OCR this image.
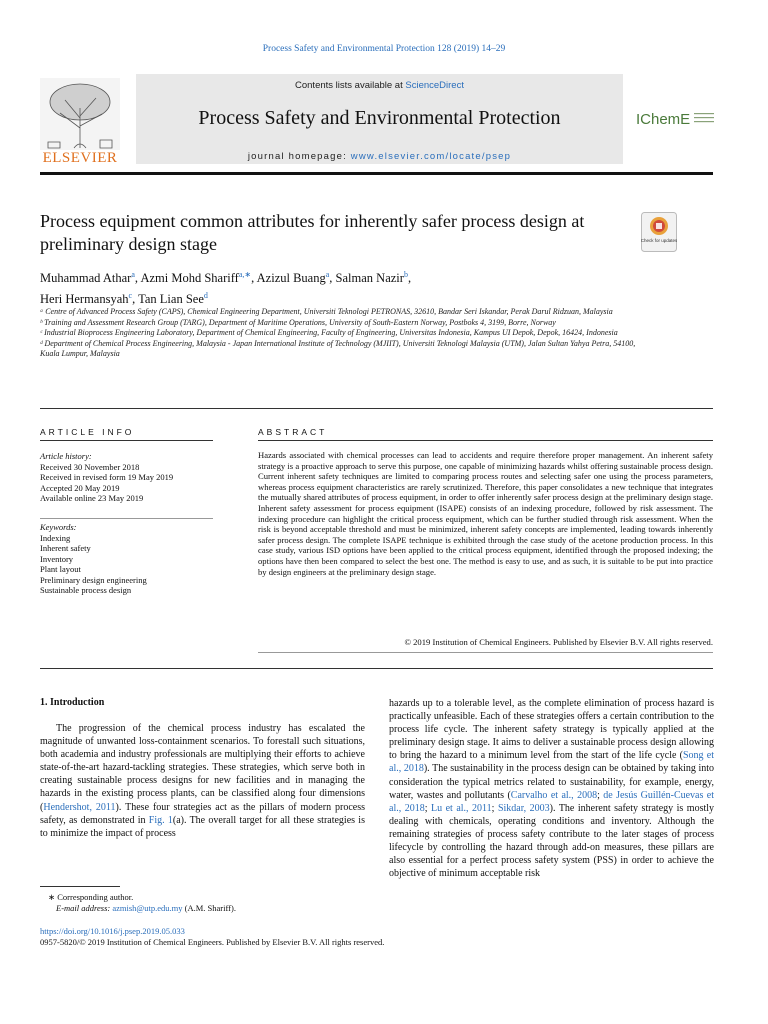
Process Safety and Environmental Protection 128 (2019) 14–29
ELSEVIER
Contents lists available at ScienceDirect
Process Safety and Environmental Protection
journal homepage: www.elsevier.com/locate/psep
IChemE
Process equipment common attributes for inherently safer process design at preliminary design stage	Check for updates
Muhammad Athar$^a$, Azmi Mohd Shariff$^{a,∗}$, Azizul Buang$^a$, Salman Nazir$^b$,
Heri Hermansyah$^c$, Tan Lian See$^d$

ᵃ Centre of Advanced Process Safety (CAPS), Chemical Engineering Department, Universiti Teknologi PETRONAS, 32610, Bandar Seri Iskandar, Perak Darul Ridzuan, Malaysia

ᵇ Training and Assessment Research Group (TARG), Department of Maritime Operations, University of South-Eastern Norway, Postboks 4, 3199, Borre, Norway

ᶜ Industrial Bioprocess Engineering Laboratory, Department of Chemical Engineering, Faculty of Engineering, Universitas Indonesia, Kampus UI Depok, Depok, 16424, Indonesia

ᵈ Department of Chemical Process Engineering, Malaysia - Japan International Institute of Technology (MJIIT), Universiti Teknologi Malaysia (UTM), Jalan Sultan Yahya Petra, 54100, Kuala Lumpur, Malaysia

ARTICLE INFO	ABSTRACT
Article history:
Received 30 November 2018
Received in revised form 19 May 2019
Accepted 20 May 2019
Available online 23 May 2019
Keywords:
Indexing
Inherent safety
Inventory
Plant layout
Preliminary design engineering
Sustainable process design
Hazards associated with chemical processes can lead to accidents and require therefore proper management. An inherent safety strategy is a proactive approach to serve this purpose, one capable of minimizing hazards whilst offering sustainable process design. Current inherent safety techniques are limited to comparing process routes and selecting safer one using the process parameters, whereas process equipment characteristics are rarely scrutinized. Therefore, this paper consolidates a new technique that integrates the mutually shared attributes of process equipment, in order to offer inherently safer process design at the preliminary design stage. Inherent safety assessment for process equipment (ISAPE) consists of an indexing procedure, followed by risk assessment. The indexing procedure can highlight the critical process equipment, which can be further studied through risk assessment. When the risk is beyond acceptable threshold and must be minimized, inherent safety concepts are implemented, leading towards inherently safer process design. The complete ISAPE technique is exhibited through the case study of the acetone production process. In this case study, various ISD options have been applied to the critical process equipment, identified through the proposed indexing; the options have then been compared to select the best one. The method is easy to use, and as such, it is suitable to be put into practice by design engineers at the preliminary design stage.
© 2019 Institution of Chemical Engineers. Published by Elsevier B.V. All rights reserved.
1. Introduction
The progression of the chemical process industry has escalated the magnitude of unwanted loss-containment scenarios. To forestall such situations, both academia and industry professionals are multiplying their efforts to achieve state-of-the-art hazard-tackling strategies. These strategies, which serve both in creating sustainable process designs for new facilities and in managing the hazards in the existing process plants, can be classified along four dimensions (Hendershot, 2011). These four strategies act as the pillars of modern process safety, as demonstrated in Fig. 1(a). The overall target for all these strategies is to minimize the impact of process
hazards up to a tolerable level, as the complete elimination of process hazard is practically unfeasible. Each of these strategies offers a certain contribution to the process life cycle. The inherent safety strategy is typically applied at the preliminary design stage. It aims to deliver a sustainable process design allowing to bring the hazard to a minimum level from the start of the life cycle (Song et al., 2018). The sustainability in the process design can be obtained by taking into consideration the typical metrics related to sustainability, for example, energy, water, wastes and pollutants (Carvalho et al., 2008; de Jesús Guillén-Cuevas et al., 2018; Lu et al., 2011; Sikdar, 2003). The inherent safety strategy is mostly dealing with chemicals, operating conditions and inventory. Although the remaining strategies of process safety contribute to the later stages of process lifecycle by controlling the hazard through add-on measures, these pillars are also essential for a perfect process safety system (PSS) in order to achieve the objective of minimum acceptable risk
∗ Corresponding author.
E-mail address: azmish@utp.edu.my (A.M. Shariff).
https://doi.org/10.1016/j.psep.2019.05.033
0957-5820/© 2019 Institution of Chemical Engineers. Published by Elsevier B.V. All rights reserved.
